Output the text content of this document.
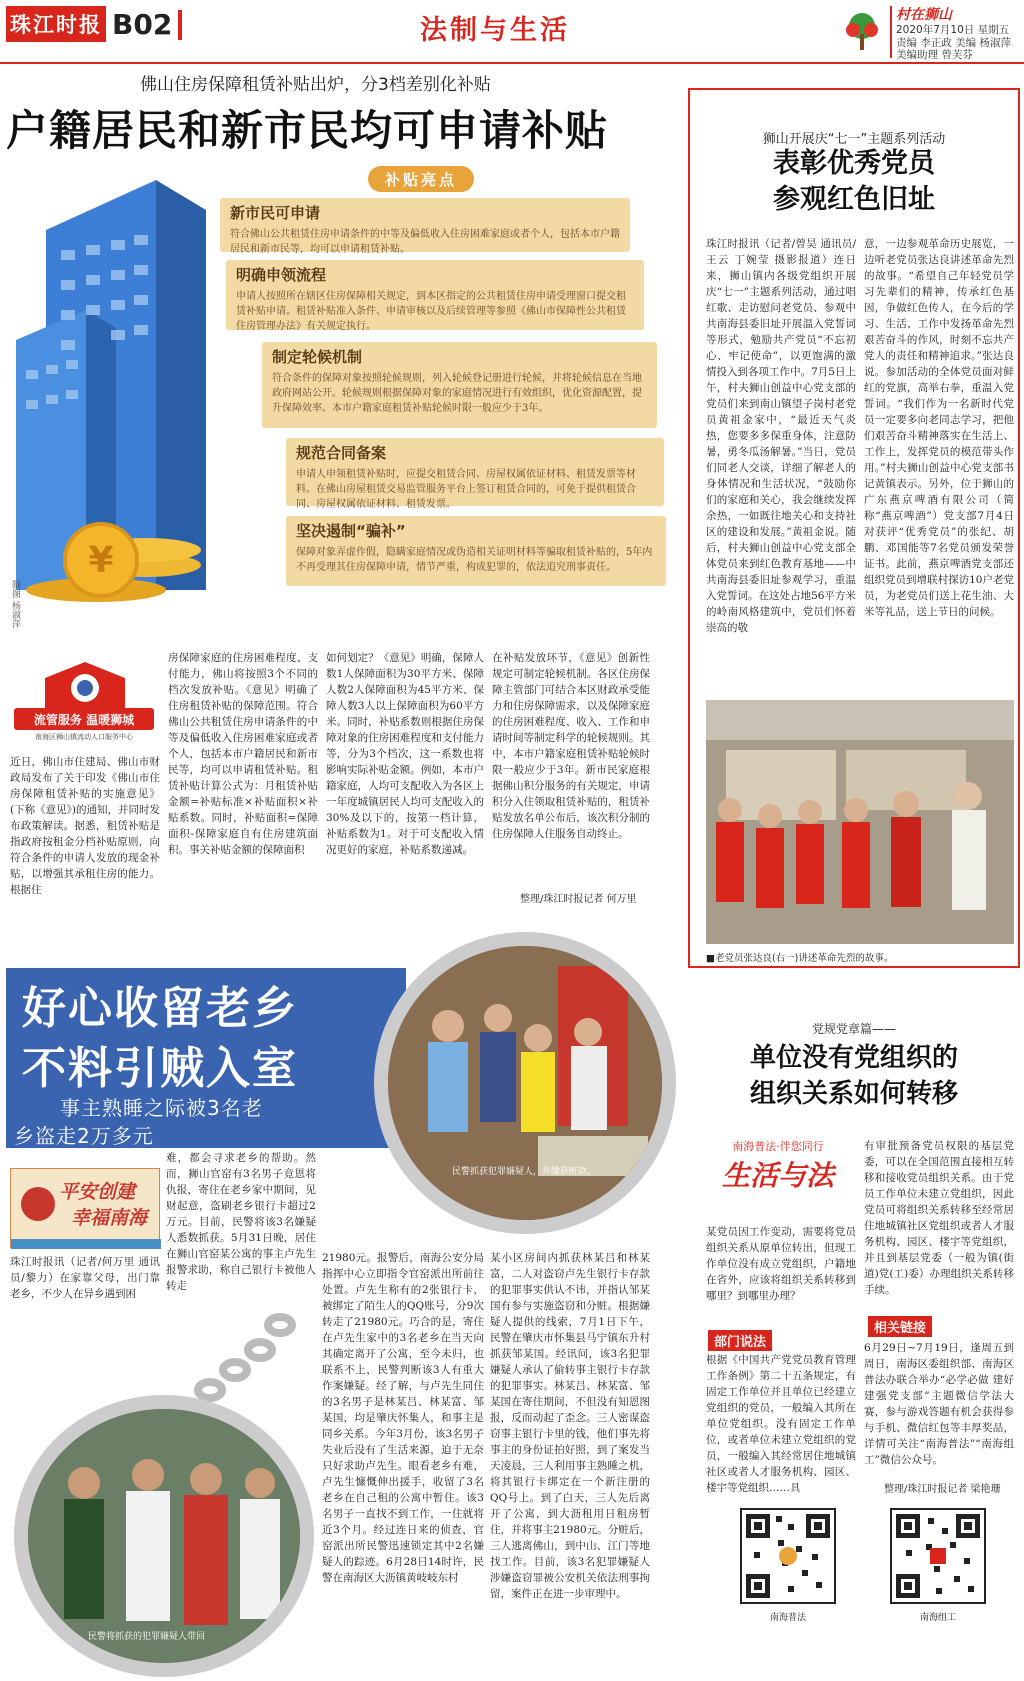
珠江时报 B02	法制与生活	村在狮山
2020年7月10日 星期五
责编 李正政 美编 杨淑萍
美编助理 曾芙芬
佛山住房保障租赁补贴出炉，分3档差别化补贴
户籍居民和新市民均可申请补贴
¥
补贴亮点
新市民可申请

符合佛山公共租赁住房申请条件的中等及偏低收入住房困难家庭或者个人，包括本市户籍居民和新市民等，均可以申请租赁补贴。

明确申领流程

申请人按照所在辖区住房保障相关规定，到本区指定的公共租赁住房申请受理窗口提交租赁补贴申请。租赁补贴准入条件、申请审核以及后续管理等参照《佛山市保障性公共租赁住房管理办法》有关规定执行。

制定轮候机制

符合条件的保障对象按照轮候规则，列入轮候登记册进行轮候，并将轮候信息在当地政府网站公开。轮候规则根据保障对象的家庭情况进行有效组织，优化资源配置，提升保障效率。本市户籍家庭租赁补贴轮候时限一般应少于3年。

规范合同备案

申请人申领租赁补贴时，应提交租赁合同、房屋权属依证材料、租赁发票等材料。在佛山房屋租赁交易监管服务平台上签订租赁合同的，可免于提供租赁合同、房屋权属依证材料、租赁发票。

坚决遏制“骗补”

保障对象弄虚作假，隐瞒家庭情况或伪造相关证明材料等骗取租赁补贴的，5年内不再受理其住房保障申请，情节严重，构成犯罪的，依法追究刑事责任。

制图 杨淑萍
流管服务 温暖狮城
南海区狮山镇流动人口服务中心
近日，佛山市住建局、佛山市财政局发布了关于印发《佛山市住房保障租赁补贴的实施意见》(下称《意见》)的通知，并同时发布政策解读。据悉，租赁补贴是指政府按租金分档补贴原则，向符合条件的申请人发放的现金补贴，以增强其承租住房的能力。根据住
房保障家庭的住房困难程度、支付能力，佛山将按照3个不同的档次发放补贴。《意见》明确了住房租赁补贴的保障范围。符合佛山公共租赁住房申请条件的中等及偏低收入住房困难家庭或者个人，包括本市户籍居民和新市民等，均可以申请租赁补贴。租赁补贴计算公式为：月租赁补贴金额=补贴标准×补贴面积×补贴系数。同时，补贴面积=保障面积-保障家庭自有住房建筑面积。事关补贴金额的保障面积
如何划定？《意见》明确，保障人数1人保障面积为30平方米、保障人数2人保障面积为45平方米、保障人数3人以上保障面积为60平方米。同时，补贴系数则根据住房保障对象的住房困难程度和支付能力等，分为3个档次，这一系数也将影响实际补贴金额。例如，本市户籍家庭，人均可支配收入为各区上一年度城镇居民人均可支配收入的30%及以下的，按第一档计算，补贴系数为1。对于可支配收入情况更好的家庭，补贴系数递减。
在补贴发放环节，《意见》创新性规定可制定轮候机制。各区住房保障主管部门可结合本区财政承受能力和住房保障需求，以及保障家庭的住房困难程度、收入、工作和申请时间等制定科学的轮候规则。其中，本市户籍家庭租赁补贴轮候时限一般应少于3年。新市民家庭根据佛山积分服务的有关规定，申请积分入住领取租赁补贴的，租赁补贴发放名单公布后，该次积分制的住房保障人住服务自动终止。
整理/珠江时报记者 何万里
好心收留老乡
不料引贼入室
事主熟睡之际被3名老
乡盗走2万多元
民警抓获犯罪嫌疑人，并缴获赃款。
平安创建
幸福南海
珠江时报讯（记者/何万里 通讯员/黎力）在家靠父母，出门靠老乡，不少人在异乡遇到困
难，都会寻求老乡的帮助。然而，狮山官窑有3名男子竟恩将仇报，寄住在老乡家中期间，见财起意，盗刷老乡银行卡超过2万元。目前，民警将该3名嫌疑人悉数抓获。5月31日晚，居住在狮山官窑某公寓的事主卢先生报警求助，称自己银行卡被他人转走
21980元。报警后，南海公安分局指挥中心立即指令官窑派出所前往处置。卢先生称有的2张银行卡，被绑定了陌生人的QQ账号，分9次转走了21980元。巧合的是，寄住在卢先生家中的3名老乡在当天向其确定离开了公寓，至今未归，也联系不上，民警判断该3人有重大作案嫌疑。经了解，与卢先生同住的3名男子是林某吕、林某富、邹某国，均是肇庆怀集人，和事主是同乡关系。今年3月份，该3名男子失业后没有了生活来源，迫于无奈只好求助卢先生。眼看老乡有难，卢先生慷慨伸出援手，收留了3名老乡在自己租的公寓中暂住。该3名男子一直找不到工作，一住就将近3个月。经过连日来的侦查，官窑派出所民警迅速锁定其中2名嫌疑人的踪迹。6月28日14时许，民警在南海区大沥镇黄岐岐东村
某小区房间内抓获林某吕和林某富，二人对盗窃卢先生银行卡存款的犯罪事实供认不讳，并指认邹某国有参与实施盗窃和分赃。根据嫌疑人提供的线索，7月1日下午，民警在肇庆市怀集县马宁镇东升村抓获邹某国。经讯问，该3名犯罪嫌疑人承认了偷转事主银行卡存款的犯罪事实。林某吕、林某富、邹某国在寄住期间，不但没有知恩图报，反而动起了歪念。三人密谋盗窃事主银行卡里的钱，他们事先将事主的身份证拍好照，到了案发当天凌晨，三人利用事主熟睡之机，将其银行卡绑定在一个新注册的QQ号上。到了白天，三人先后离开了公寓，到大沥租用日租房暂住，并将事主21980元。分赃后，三人逃离佛山，到中山、江门等地找工作。目前，该3名犯罪嫌疑人涉嫌盗窃罪被公安机关依法刑事拘留，案件正在进一步审理中。
民警将抓获的犯罪嫌疑人带回
狮山开展庆“七一”主题系列活动
表彰优秀党员
参观红色旧址
珠江时报讯（记者/曾昊 通讯员/王云 丁婉莹 摄影报道）连日来，狮山镇内各级党组织开展庆“七一”主题系列活动，通过唱红歌、走访慰问老党员、参观中共南海县委旧址开展温入党誓词等形式，勉励共产党员“不忘初心、牢记使命”，以更饱满的激情投入到各项工作中。7月5日上午，村夫狮山创益中心党支部的党员们来到南山镇望子岗村老党员黄祖金家中，“最近天气炎热，您要多多保重身体，注意防暑，勇冬瓜汤解暑。”当日，党员们同老人交谈，详细了解老人的身体情况和生活状况，“鼓励你们的家庭和关心，我会继续发挥余热，一如既往地关心和支持社区的建设和发展。”黄祖金说。随后，村夫狮山创益中心党支部全体党员来到红色教育基地——中共南海县委旧址参观学习，重温入党誓词。在这处占地56平方米的岭南风格建筑中，党员们怀着崇高的敬
意，一边参观革命历史展览，一边听老党员张达良讲述革命先烈的故事。“希望自己年轻党员学习先辈们的精神，传承红色基因，争做红色传人，在今后的学习、生活、工作中发扬革命先烈艰苦奋斗的作风，时刻不忘共产党人的责任和精神追求。”张达良说。参加活动的全体党员面对鲜红的党旗，高举右拳，重温入党誓词。“我们作为一名新时代党员一定要多向老同志学习，把他们艰苦奋斗精神落实在生活上、工作上，发挥党员的模范带头作用。”村夫狮山创益中心党支部书记黄镇表示。另外，位于狮山的广东燕京啤酒有限公司（简称“燕京啤酒”）党支部7月4日对获评“优秀党员”的张纪、胡鹏、邓国能等7名党员颁发荣誉证书。此前，燕京啤酒党支部还组织党员到增联村探访10户老党员，为老党员们送上花生油、大米等礼品，送上节日的问候。
■老党员张达良(右一)讲述革命先烈的故事。
党规党章篇——
单位没有党组织的
组织关系如何转移
南海普法·伴您同行
生活与法
某党员因工作变动，需要将党员组织关系从原单位转出，但现工作单位没有成立党组织，户籍地在省外，应该将组织关系转移到哪里？到哪里办理？
部门说法
根据《中国共产党党员教育管理工作条例》第二十五条规定，有固定工作单位并且单位已经建立党组织的党员，一般编入其所在单位党组织。没有固定工作单位，或者单位未建立党组织的党员，一般编入其经常居住地城镇社区或者人才服务机构、园区、楼宇等党组织……具
有审批预备党员权限的基层党委，可以在全国范围直接相互转移和接收党员组织关系。由于党员工作单位未建立党组织，因此党员可将组织关系转移至经常居住地城镇社区党组织或者人才服务机构、园区、楼宇等党组织，并且到基层党委（一般为镇(街道)党(工)委）办理组织关系转移手续。
相关链接
6月29日~7月19日，逢周五到周日，南海区委组织部、南海区普法办联合举办“必学必做 建好建强党支部”主题微信学法大赛，参与游戏答题有机会获得参与手机、微信红包等丰厚奖品，详情可关注“南海普法”“南海组工”微信公众号。
整理/珠江时报记者 梁艳珊
南海普法	南海组工
